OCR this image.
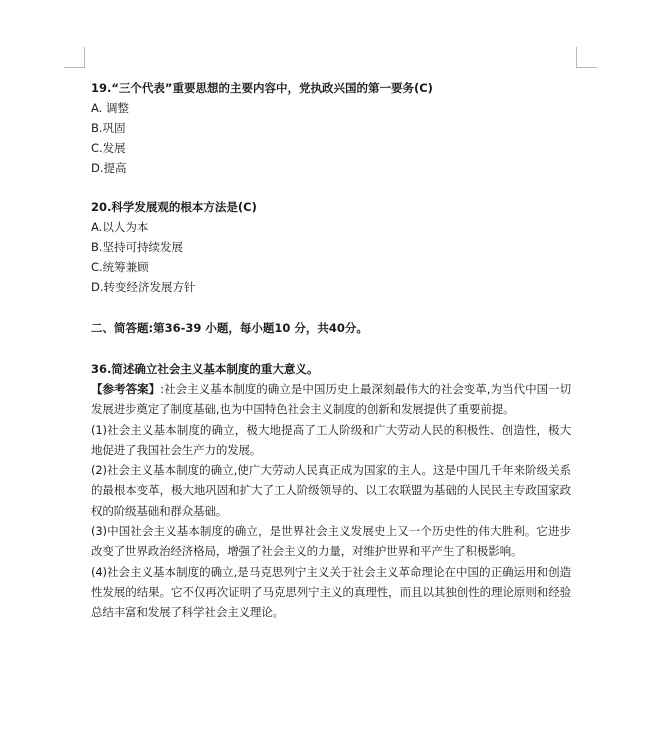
19.“三个代表”重要思想的主要内容中，党执政兴国的第一要务(C)
A. 调整
B.巩固
C.发展
D.提高
20.科学发展观的根本方法是(C)
A.以人为本
B.坚持可持续发展
C.统筹兼顾
D.转变经济发展方针
二、简答题:第36-39 小题，每小题10 分，共40分。
36.简述确立社会主义基本制度的重大意义。
【参考答案】:社会主义基本制度的确立是中国历史上最深刻最伟大的社会变革,为当代中国一切发展进步奠定了制度基础,也为中国特色社会主义制度的创新和发展提供了重要前提。
(1)社会主义基本制度的确立，极大地提高了工人阶级和广大劳动人民的积极性、创造性，极大地促进了我国社会生产力的发展。
(2)社会主义基本制度的确立,使广大劳动人民真正成为国家的主人。这是中国几千年来阶级关系的最根本变革，极大地巩固和扩大了工人阶级领导的、以工农联盟为基础的人民民主专政国家政权的阶级基础和群众基础。
(3)中国社会主义基本制度的确立，是世界社会主义发展史上又一个历史性的伟大胜利。它进步改变了世界政治经济格局，增强了社会主义的力量，对维护世界和平产生了积极影响。
(4)社会主义基本制度的确立,是马克思列宁主义关于社会主义革命理论在中国的正确运用和创造性发展的结果。它不仅再次证明了马克思列宁主义的真理性，而且以其独创性的理论原则和经验总结丰富和发展了科学社会主义理论。
